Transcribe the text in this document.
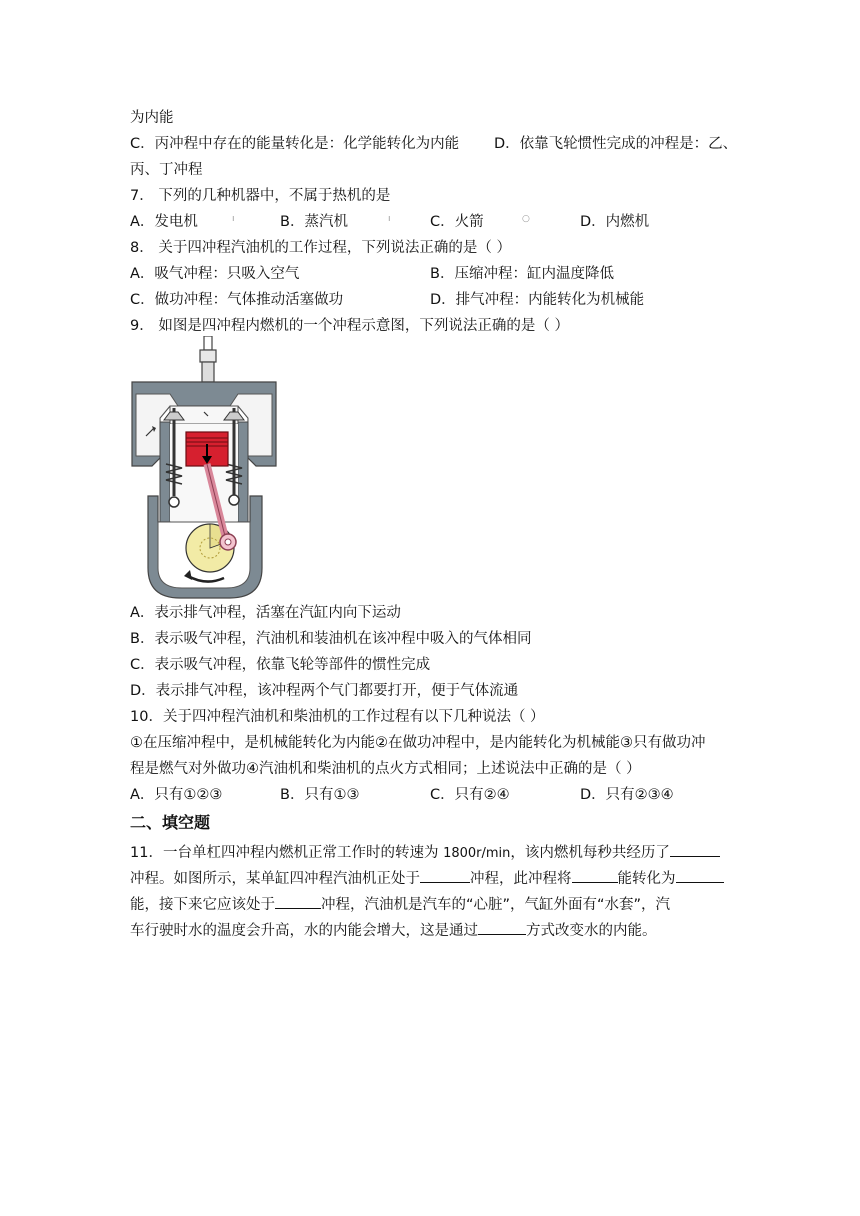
为内能
C．丙冲程中存在的能量转化是：化学能转化为内能 D．依靠飞轮惯性完成的冲程是：乙、
丙、丁冲程
7． 下列的几种机器中，不属于热机的是
A．发电机	B．蒸汽机	C．火箭	D．内燃机
ı	ı	○
8． 关于四冲程汽油机的工作过程，下列说法正确的是（ ）
A．吸气冲程：只吸入空气	B．压缩冲程：缸内温度降低
C．做功冲程：气体推动活塞做功	D．排气冲程：内能转化为机械能
9． 如图是四冲程内燃机的一个冲程示意图，下列说法正确的是（ ）
A．表示排气冲程，活塞在汽缸内向下运动
B．表示吸气冲程，汽油机和装油机在该冲程中吸入的气体相同
C．表示吸气冲程，依靠飞轮等部件的惯性完成
D．表示排气冲程，该冲程两个气门都要打开，便于气体流通
10．关于四冲程汽油机和柴油机的工作过程有以下几种说法（ ）
①在压缩冲程中，是机械能转化为内能②在做功冲程中，是内能转化为机械能③只有做功冲
程是燃气对外做功④汽油机和柴油机的点火方式相同；上述说法中正确的是（ ）
A．只有①②③	B．只有①③	C．只有②④	D．只有②③④
二、填空题
11．一台单杠四冲程内燃机正常工作时的转速为 1800r/min，该内燃机每秒共经历了
冲程。如图所示，某单缸四冲程汽油机正处于	冲程，此冲程将	能转化为
能，接下来它应该处于	冲程，汽油机是汽车的“心脏”，气缸外面有“水套”，汽
车行驶时水的温度会升高，水的内能会增大，这是通过	方式改变水的内能。
